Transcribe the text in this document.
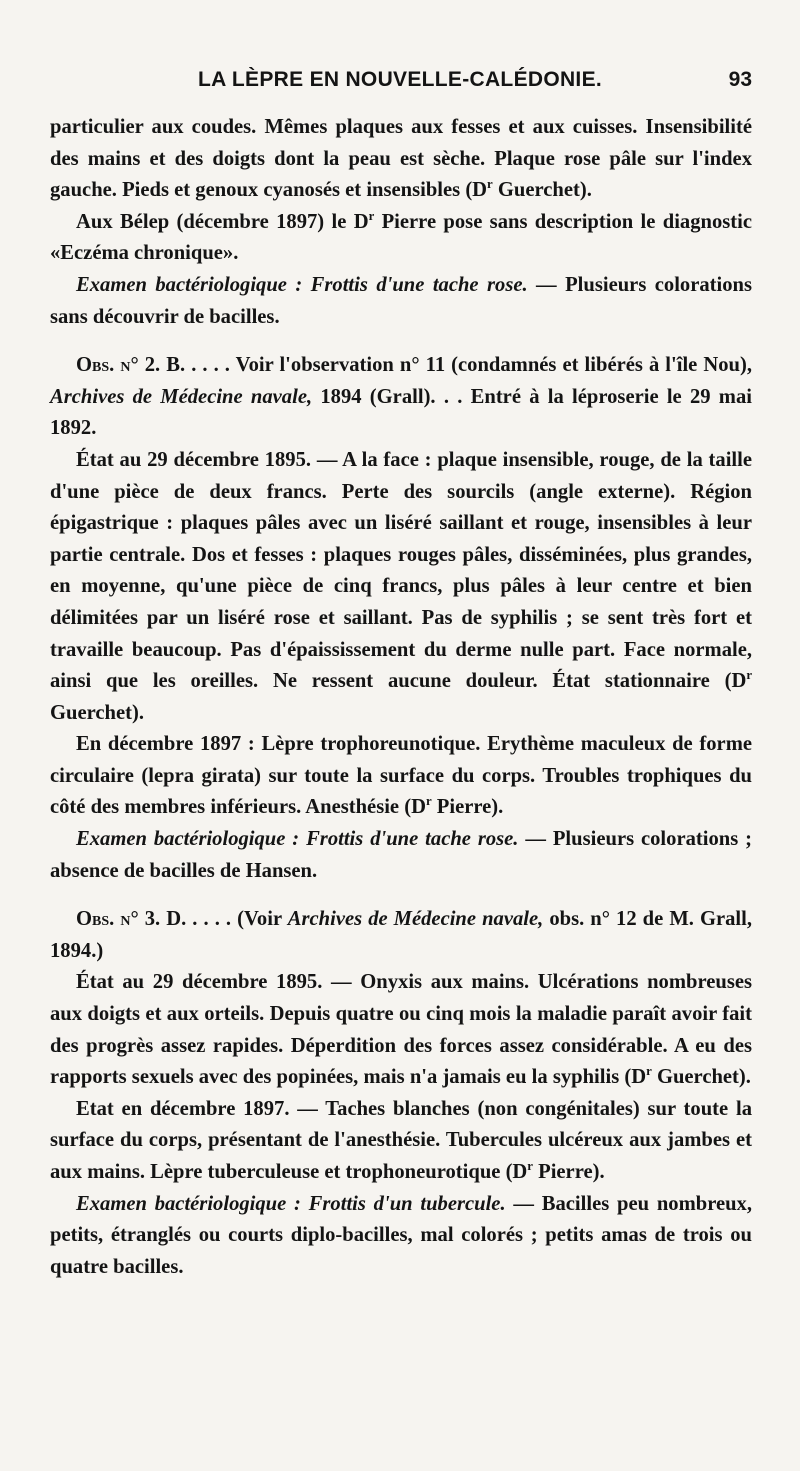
LA LÈPRE EN NOUVELLE-CALÉDONIE.	93

particulier aux coudes. Mêmes plaques aux fesses et aux cuisses. Insensibilité des mains et des doigts dont la peau est sèche. Plaque rose pâle sur l'index gauche. Pieds et genoux cyanosés et insensibles ($D^r$ Guerchet).

Aux Bélep (décembre 1897) le $D^r$ Pierre pose sans description le diagnostic «Eczéma chronique».

Examen bactériologique : Frottis d'une tache rose. — Plusieurs colorations sans découvrir de bacilles.

Obs. n° 2. B. . . . . Voir l'observation n° 11 (condamnés et libérés à l'île Nou), Archives de Médecine navale, 1894 (Grall). . . Entré à la léproserie le 29 mai 1892.

État au 29 décembre 1895. — A la face : plaque insensible, rouge, de la taille d'une pièce de deux francs. Perte des sourcils (angle externe). Région épigastrique : plaques pâles avec un liséré saillant et rouge, insensibles à leur partie centrale. Dos et fesses : plaques rouges pâles, disséminées, plus grandes, en moyenne, qu'une pièce de cinq francs, plus pâles à leur centre et bien délimitées par un liséré rose et saillant. Pas de syphilis ; se sent très fort et travaille beaucoup. Pas d'épaississement du derme nulle part. Face normale, ainsi que les oreilles. Ne ressent aucune douleur. État stationnaire ($D^r$ Guerchet).

En décembre 1897 : Lèpre trophoreunotique. Erythème maculeux de forme circulaire (lepra girata) sur toute la surface du corps. Troubles trophiques du côté des membres inférieurs. Anesthésie ($D^r$ Pierre).

Examen bactériologique : Frottis d'une tache rose. — Plusieurs colorations ; absence de bacilles de Hansen.

Obs. n° 3. D. . . . . (Voir Archives de Médecine navale, obs. n° 12 de M. Grall, 1894.)

État au 29 décembre 1895. — Onyxis aux mains. Ulcérations nombreuses aux doigts et aux orteils. Depuis quatre ou cinq mois la maladie paraît avoir fait des progrès assez rapides. Déperdition des forces assez considérable. A eu des rapports sexuels avec des popinées, mais n'a jamais eu la syphilis ($D^r$ Guerchet).

Etat en décembre 1897. — Taches blanches (non congénitales) sur toute la surface du corps, présentant de l'anesthésie. Tubercules ulcéreux aux jambes et aux mains. Lèpre tuberculeuse et trophoneurotique ($D^r$ Pierre).

Examen bactériologique : Frottis d'un tubercule. — Bacilles peu nombreux, petits, étranglés ou courts diplo-bacilles, mal colorés ; petits amas de trois ou quatre bacilles.
